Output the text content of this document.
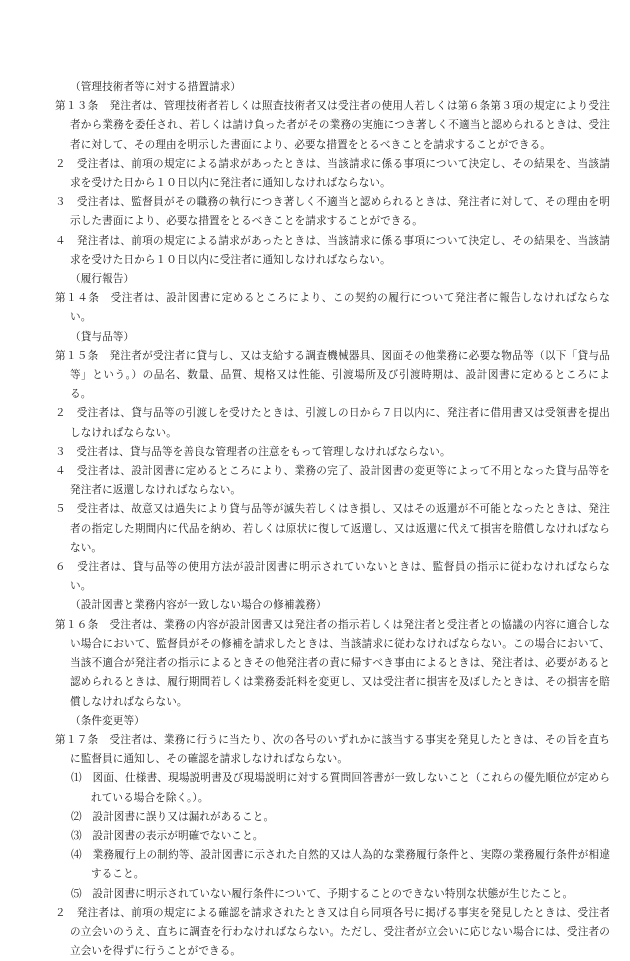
（管理技術者等に対する措置請求）
第１３条　 発注者は、管理技術者若しくは照査技術者又は受注者の使用人若しくは第６条第３項の規定により受注者から業務を委任され、若しくは請け負った者がその業務の実施につき著しく不適当と認められるときは、受注者に対して、その理由を明示した書面により、必要な措置をとるべきことを請求することができる。
２　 受注者は、前項の規定による請求があったときは、当該請求に係る事項について決定し、その結果を、当該請求を受けた日から１０日以内に発注者に通知しなければならない。
３　 受注者は、監督員がその職務の執行につき著しく不適当と認められるときは、発注者に対して、その理由を明示した書面により、必要な措置をとるべきことを請求することができる。
４　 発注者は、前項の規定による請求があったときは、当該請求に係る事項について決定し、その結果を、当該請求を受けた日から１０日以内に受注者に通知しなければならない。
（履行報告）
第１４条　 受注者は、設計図書に定めるところにより、この契約の履行について発注者に報告しなければならない。
（貸与品等）
第１５条　 発注者が受注者に貸与し、又は支給する調査機械器具、図面その他業務に必要な物品等（以下「貸与品等」という。）の品名、数量、品質、規格又は性能、引渡場所及び引渡時期は、設計図書に定めるところによる。
２　 受注者は、貸与品等の引渡しを受けたときは、引渡しの日から７日以内に、発注者に借用書又は受領書を提出しなければならない。
３　 受注者は、貸与品等を善良な管理者の注意をもって管理しなければならない。
４　 受注者は、設計図書に定めるところにより、業務の完了、設計図書の変更等によって不用となった貸与品等を発注者に返還しなければならない。
５　 受注者は、故意又は過失により貸与品等が滅失若しくはき損し、又はその返還が不可能となったときは、発注者の指定した期間内に代品を納め、若しくは原状に復して返還し、又は返還に代えて損害を賠償しなければならない。
６　 受注者は、貸与品等の使用方法が設計図書に明示されていないときは、監督員の指示に従わなければならない。
（設計図書と業務内容が一致しない場合の修補義務）
第１６条　 受注者は、業務の内容が設計図書又は発注者の指示若しくは発注者と受注者との協議の内容に適合しない場合において、監督員がその修補を請求したときは、当該請求に従わなければならない。この場合において、当該不適合が発注者の指示によるときその他発注者の責に帰すべき事由によるときは、発注者は、必要があると認められるときは、履行期間若しくは業務委託料を変更し、又は受注者に損害を及ぼしたときは、その損害を賠償しなければならない。
（条件変更等）
第１７条　 受注者は、業務に行うに当たり、次の各号のいずれかに該当する事実を発見したときは、その旨を直ちに監督員に通知し、その確認を請求しなければならない。
⑴　 図面、仕様書、現場説明書及び現場説明に対する質問回答書が一致しないこと（これらの優先順位が定められている場合を除く。）。
⑵　 設計図書に誤り又は漏れがあること。
⑶　 設計図書の表示が明確でないこと。
⑷　 業務履行上の制約等、設計図書に示された自然的又は人為的な業務履行条件と、実際の業務履行条件が相違すること。
⑸　 設計図書に明示されていない履行条件について、予期することのできない特別な状態が生じたこと。
２　 発注者は、前項の規定による確認を請求されたとき又は自ら同項各号に掲げる事実を発見したときは、受注者の立会いのうえ、直ちに調査を行わなければならない。ただし、受注者が立会いに応じない場合には、受注者の立会いを得ずに行うことができる。
